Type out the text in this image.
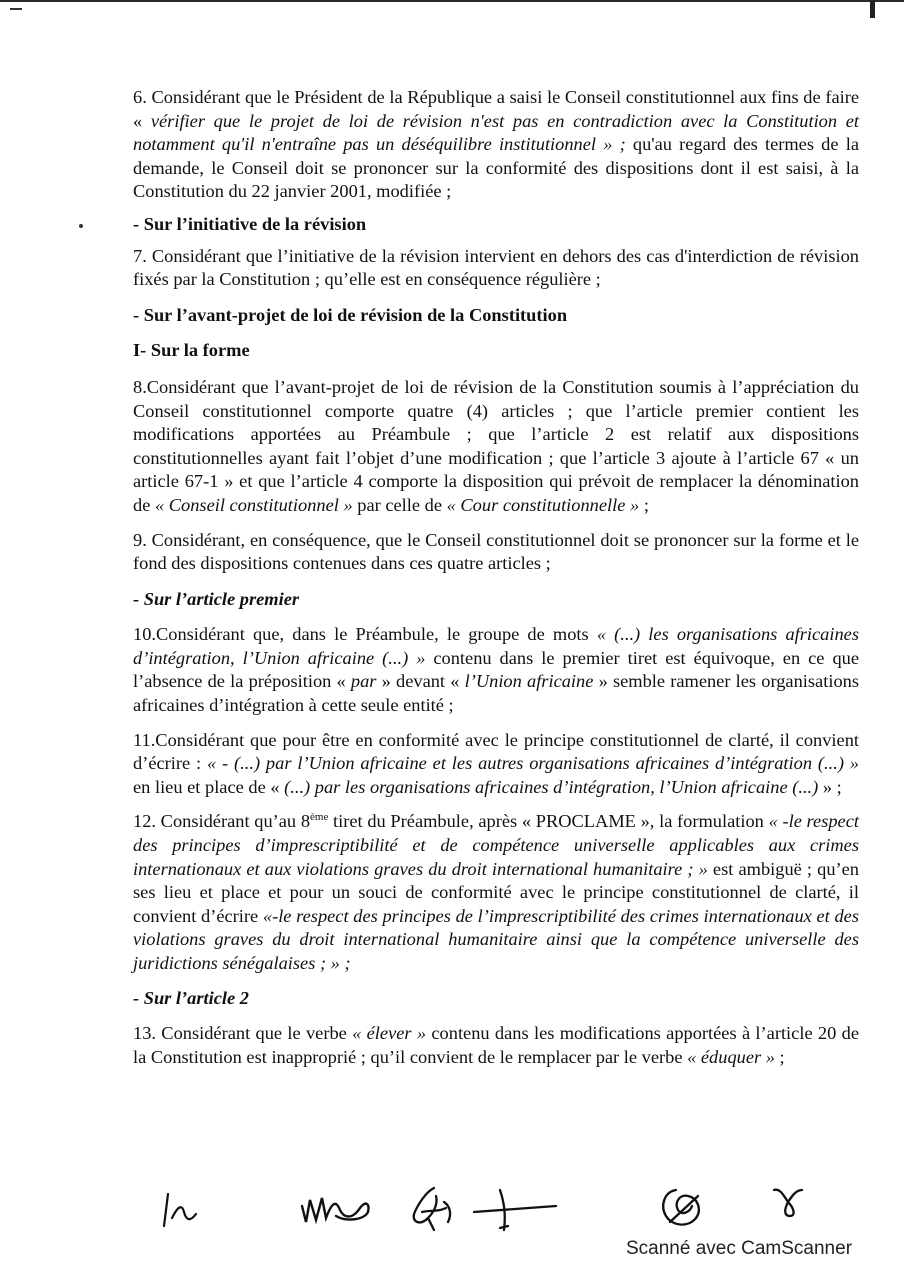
6. Considérant que le Président de la République a saisi le Conseil constitutionnel aux fins de faire « vérifier que le projet de loi de révision n'est pas en contradiction avec la Constitution et notamment qu'il n'entraîne pas un déséquilibre institutionnel » ; qu'au regard des termes de la demande, le Conseil doit se prononcer sur la conformité des dispositions dont il est saisi, à la Constitution du 22 janvier 2001, modifiée ;

- Sur l’initiative de la révision

7. Considérant que l’initiative de la révision intervient en dehors des cas d'interdiction de révision fixés par la Constitution ; qu’elle est en conséquence régulière ;

- Sur l’avant-projet de loi de révision de la Constitution

I- Sur la forme

8.Considérant que l’avant-projet de loi de révision de la Constitution soumis à l’appréciation du Conseil constitutionnel comporte quatre (4) articles ; que l’article premier contient les modifications apportées au Préambule ; que l’article 2 est relatif aux dispositions constitutionnelles ayant fait l’objet d’une modification ; que l’article 3 ajoute à l’article 67 « un article 67-1 » et que l’article 4 comporte la disposition qui prévoit de remplacer la dénomination de « Conseil constitutionnel » par celle de « Cour constitutionnelle » ;

9. Considérant, en conséquence, que le Conseil constitutionnel doit se prononcer sur la forme et le fond des dispositions contenues dans ces quatre articles ;

- Sur l’article premier

10.Considérant que, dans le Préambule, le groupe de mots « (...) les organisations africaines d’intégration, l’Union africaine (...) » contenu dans le premier tiret est équivoque, en ce que l’absence de la préposition « par » devant « l’Union africaine » semble ramener les organisations africaines d’intégration à cette seule entité ;

11.Considérant que pour être en conformité avec le principe constitutionnel de clarté, il convient d’écrire : « - (...) par l’Union africaine et les autres organisations africaines d’intégration (...) » en lieu et place de « (...) par les organisations africaines d’intégration, l’Union africaine (...) » ;

12. Considérant qu’au 8ème tiret du Préambule, après « PROCLAME », la formulation « -le respect des principes d’imprescriptibilité et de compétence universelle applicables aux crimes internationaux et aux violations graves du droit international humanitaire ; » est ambiguë ; qu’en ses lieu et place et pour un souci de conformité avec le principe constitutionnel de clarté, il convient d’écrire «-le respect des principes de l’imprescriptibilité des crimes internationaux et des violations graves du droit international humanitaire ainsi que la compétence universelle des juridictions sénégalaises ; » ;

- Sur l’article 2

13. Considérant que le verbe « élever » contenu dans les modifications apportées à l’article 20 de la Constitution est inapproprié ; qu’il convient de le remplacer par le verbe « éduquer » ;

Scanné avec CamScanner
